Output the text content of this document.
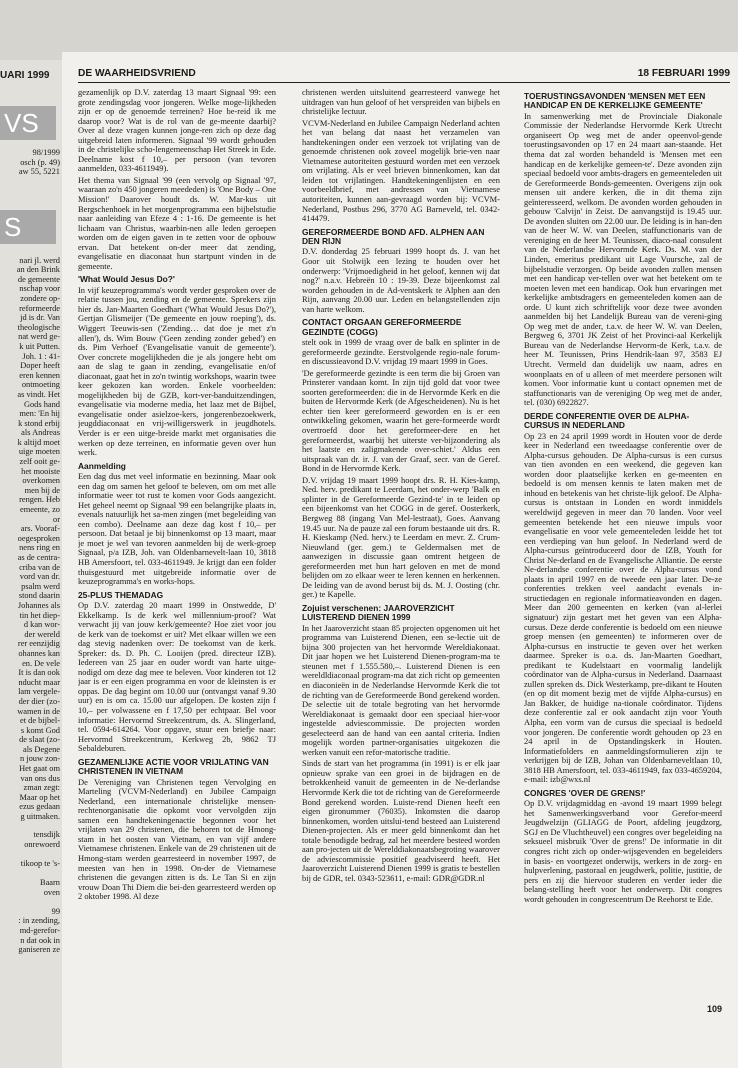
UARI 1999
VS
98/1999
osch (p. 49)
aw 55, 5221
S

nari jl. werd
an den Brink
de gemeente
nschap voor
zondere op-
reformeerde
jd is dr. Van
theologische
nat werd ge-
k uit Putten.
Joh. 1 : 41-
Doper heeft
eren kennen
ontmoeting
as vindt. Het
Gods hand
men: 'En hij
k stond erbij
als Andreas
k altijd moet
uige moeten
zelf ooit ge-
het mooiste
overkomen
men bij de
rengen. Heb
emeente, zo
or
ars. Vooraf-
oegesproken
nens ring en
as de centra-
criba van de
vord van dr.
psalm werd
stond daarin
Johannes als
tin het diep-
d kan wor-
der wereld
rer eenzijdig
ohannes kan
en. De vele
It is dan ook
nducht maar
lam vergele-
der dier (zo-
wamen in de
et de bijbel-
s komt God
de slaat (zo-
als Degene
n jouw zon-
Het gaat om
van ons dus
zman zegt:
Maar op het
ezus gedaan
g uitmaken.
tensdijk
onrewoerd

tikoop te 's-

Baarn
oven

99
: in zending,
md-gerefor-
n dat ook in
ganiseren ze
DE WAARHEIDSVRIEND	18 FEBRUARI 1999

gezamenlijk op D.V. zaterdag 13 maart Signaal '99: een grote zendingsdag voor jongeren. Welke moge-lijkheden zijn er op de genoemde terreinen? Hoe be-reid ik me daarop voor? Wat is de rol van de ge-meente daarbij? Over al deze vragen kunnen jonge-ren zich op deze dag uitgebreid laten informeren. Signaal '99 wordt gehouden in de christelijke scho-lengemeenschap Het Streek in Ede. Deelname kost f 10,– per persoon (van tevoren aanmelden, 033-4611949).

Het thema van Signaal '99 (een vervolg op Signaal '97, waaraan zo'n 450 jongeren meededen) is 'One Body – One Mission!' Daarover houdt ds. W. Mar-kus uit Bergschenhoek in het morgenprogramma een bijbelstudie naar aanleiding van Efeze 4 : 1-16. De gemeente is het lichaam van Christus, waarbin-nen alle leden geroepen worden om de eigen gaven in te zetten voor de opbouw ervan. Dat betekent on-der meer dat zending, evangelisatie en diaconaat hun startpunt vinden in de gemeente.

'What Would Jesus Do?'

In vijf keuzeprogramma's wordt verder gesproken over de relatie tussen jou, zending en de gemeente. Sprekers zijn hier ds. Jan-Maarten Goedhart ('What Would Jesus Do?'), Gertjan Glismeijer ('De gemeente en jouw roeping'), ds. Wiggert Teeuwis-sen ('Zending… dat doe je met z'n allen'), ds. Wim Bouw ('Geen zending zonder gebed') en ds. Pim Verhoef ('Evangelisatie vanuit de gemeente'). Over concrete mogelijkheden die je als jongere hebt om aan de slag te gaan in zending, evangelisatie en/of diaconaat, gaat het in zo'n twintig workshops, waarin twee keer gekozen kan worden. Enkele voorbeelden: mogelijkheden bij de GZB, kort-ver-banduitzendingen, evangelisatie via moderne media, het laaz met de Bijbel, evangelisatie onder asielzoe-kers, jongerenbezoekwerk, jeugddiaconaat en vrij-willigerswerk in jeugdhotels. Verder is er een uitge-breide markt met organisaties die werken op deze terreinen, en informatie geven over hun werk.

Aanmelding

Een dag dus met veel informatie en bezinning. Maar ook een dag om samen het geloof te beleven, om om met alle informatie weer tot rust te komen voor Gods aangezicht. Het geheel neemt op Signaal '99 een belangrijke plaats in, evenals natuurlijk het sa-men zingen (met begeleiding van een combo). Deelname aan deze dag kost f 10,– per persoon. Dat betaal je bij binnenkomst op 13 maart, maar je moet je wel van tevoren aanmelden bij de werk-groep Signaal, p/a IZB, Joh. van Oldenbarnevelt-laan 10, 3818 HB Amersfoort, tel. 033-4611949. Je krijgt dan een folder thuisgestuurd met uitgebreide informatie over de keuzeprogramma's en works-hops.

25-PLUS THEMADAG

Op D.V. zaterdag 20 maart 1999 in Onstwedde, D' Ekkelkamp. Is de kerk wel millennium-proof? Wat verwacht jij van jouw kerk/gemeente? Hoe ziet voor jou de kerk van de toekomst er uit? Met elkaar willen we een dag stevig nadenken over: De toekomst van de kerk. Spreker: ds. D. Ph. C. Looijen (pred. directeur IZB). Iedereen van 25 jaar en ouder wordt van harte uitge-nodigd om deze dag mee te beleven. Voor kinderen tot 12 jaar is er een eigen programma en voor de kleinsten is er oppas. De dag begint om 10.00 uur (ontvangst vanaf 9.30 uur) en is om ca. 15.00 uur afgelopen. De kosten zijn f 10,– per volwassene en f 17,50 per echtpaar. Bel voor informatie: Hervormd Streekcentrum, ds. A. Slingerland, tel. 0594-614264. Voor opgave, stuur een briefje naar: Hervormd Streekcentrum, Kerkweg 2b, 9862 TJ Sebaldeburen.

GEZAMENLIJKE ACTIE VOOR VRIJLATING VAN CHRISTENEN IN VIETNAM

De Vereniging van Christenen tegen Vervolging en Marteling (VCVM-Nederland) en Jubilee Campaign Nederland, een internationale christelijke mensen-rechtenorganisatie die opkomt voor vervolgden zijn samen een handtekeningenactie begonnen voor het vrijlaten van 29 christenen, die behoren tot de Hmong-stam in het oosten van Vietnam, en van vijf andere Vietnamese christenen. Enkele van de 29 christenen uit de Hmong-stam werden gearresteerd in november 1997, de meesten van hen in 1998. On-der de Vietnamese christenen die gevangen zitten is ds. Le Tan Si en zijn vrouw Doan Thi Diem die bei-den gearresteerd werden op 2 oktober 1998. Al deze

christenen werden uitsluitend gearresteerd vanwege het uitdragen van hun geloof of het verspreiden van bijbels en christelijke lectuur.

VCVM-Nederland en Jubilee Campaign Nederland achten het van belang dat naast het verzamelen van handtekeningen onder een verzoek tot vrijlating van de genoemde christenen ook zoveel mogelijk brie-ven naar Vietnamese autoriteiten gestuurd worden met een verzoek om vrijlating. Als er veel brieven binnenkomen, kan dat leiden tot vrijlatingen. Handtekeningenlijsten en een voorbeeldbrief, met andressen van Vietnamese autoriteiten, kunnen aan-gevraagd worden bij: VCVM-Nederland, Postbus 296, 3770 AG Barneveld, tel. 0342-414479.

GEREFORMEERDE BOND AFD. ALPHEN AAN DEN RIJN

D.V. donderdag 25 februari 1999 hoopt ds. J. van het Goor uit Stolwijk een lezing te houden over het onderwerp: 'Vrijmoedigheid in het geloof, kennen wij dat nog?' n.a.v. Hebreën 10 : 19-39. Deze bijeenkomst zal worden gehouden in de Ad-ventskerk te Alphen aan den Rijn, aanvang 20.00 uur. Leden en belangstellenden zijn van harte welkom.

CONTACT ORGAAN GEREFORMEERDE GEZINDTE (COGG)

stelt ook in 1999 de vraag over de balk en splinter in de gereformeerde gezindte. Eerstvolgende regio-nale forum- en discussieavond D.V. vrijdag 19 maart 1999 in Goes.

'De gereformeerde gezindte is een term die bij Groen van Prinsterer vandaan komt. In zijn tijd gold dat voor twee soorten gereformeerden: die in de Hervormde Kerk en die buiten de Hervormde Kerk (de Afgescheidenen). Nu is het echter tien keer gereformeerd geworden en is er een ontwikkeling gekomen, waarin het gere-formeerde wordt overtroefd door het gereformeer-dere en het gereformeerdst, waarbij het uiterste ver-bijzondering als het laatste en zaligmakende over-schiet.' Aldus een uitspraak van dr. ir. J. van der Graaf, secr. van de Geref. Bond in de Hervormde Kerk.

D.V. vrijdag 19 maart 1999 hoopt drs. R. H. Kies-kamp, Ned. herv. predikant te Leerdam, het onder-werp 'Balk en splinter in de Gereformeerde Gezind-te' in te leiden op een bijeenkomst van het COGG in de geref. Oosterkerk, Bergweg 88 (ingang Van Mel-lestraat), Goes. Aanvang 19.45 uur. Na de pauze zal een forum bestaande uit drs. R. H. Kieskamp (Ned. herv.) te Leerdam en mevr. Z. Crum-Nieuwland (ger. gem.) te Geldermalsen met de aanwezigen in discussie gaan omtrent hetgeen de gereformeerden met hun hart geloven en met de mond belijden om zo elkaar weer te leren kennen en herkennen. De leiding van de avond berust bij ds. M. J. Oosting (chr. ger.) te Kapelle.

Zojuist verschenen: JAAROVERZICHT LUISTEREND DIENEN 1999

In het Jaaroverzicht staan 85 projecten opgenomen uit het programma van Luisterend Dienen, een se-lectie uit de bijna 300 projecten van het hervormde Wereldiakonaat. Dit jaar hopen we het Luisterend Dienen-program-ma te steunen met f 1.555.580,–. Luisterend Dienen is een wereldldiaconaal program-ma dat zich richt op gemeenten en diaconieën in de Nederlandse Hervormde Kerk die tot de richting van de Gereformeerde Bond gerekend worden. De selectie uit de totale begroting van het hervormde Wereldiakonaat is gemaakt door een speciaal hier-voor ingestelde adviescommissie. De projecten worden geselecteerd aan de hand van een aantal criteria. Indien mogelijk worden partner-organisaties uitgekozen die werken vanuit een refor-matorische traditie.

Sinds de start van het programma (in 1991) is er elk jaar opnieuw sprake van een groei in de bijdragen en de betrokkenheid vanuit de gemeenten in de Ne-derlandse Hervormde Kerk die tot de richting van de Gereformeerde Bond gerekend worden. Luiste-rend Dienen heeft een eigen gironummer (76035). Inkomsten die daarop binnenkomen, worden uitslui-tend besteed aan Luisterend Dienen-projecten. Als er meer geld binnenkomt dan het totale benodigde bedrag, zal het meerdere besteed worden aan pro-jecten uit de Werelddiakonaatsbegroting waarover de adviescommissie positief geadviseerd heeft. Het Jaaroverzicht Luisterend Dienen 1999 is gratis te bestellen bij de GDR, tel. 0343-523611, e-mail: GDR@GDR.nl

TOERUSTINGSAVONDEN 'MENSEN MET EEN HANDICAP EN DE KERKELIJKE GEMEENTE'

In samenwerking met de Provinciale Diakonale Commissie der Nederlandse Hervormde Kerk Utrecht organiseert Op weg met de ander opeenvol-gende toerustingsavonden op 17 en 24 maart aan-staande. Het thema dat zal worden behandeld is 'Mensen met een handicap en de kerkelijke gemeen-te'. Deze avonden zijn speciaal bedoeld voor ambts-dragers en gemeenteleden uit de Gereformeerde Bonds-gemeenten. Overigens zijn ook mensen uit andere kerken, die in dit thema zijn geïnteresseerd, welkom. De avonden worden gehouden in gebouw 'Calvijn' in Zeist. De aanvangstijd is 19.45 uur. De avonden sluiten om 22.00 uur. De leiding is in han-den van de heer W. W. van Deelen, staffunctionaris van de vereniging en de heer M. Teunissen, diaco-naal consulent van de Nederlandse Hervormde Kerk. Ds. M. van der Linden, emeritus predikant uit Lage Vuursche, zal de bijbelstudie verzorgen. Op beide avonden zullen mensen met een handicap ver-tellen over wat het betekent om te moeten leven met een handicap. Ook hun ervaringen met kerkelijke ambtsdragers en gemeenteleden komen aan de orde. U kunt zich schriftelijk voor deze twee avonden aanmelden bij het Landelijk Bureau van de vereni-ging Op weg met de ander, t.a.v. de heer W. W. van Deelen, Bergweg 6, 3701 JK Zeist of het Provinci-aal Kerkelijk Bureau van de Nederlandse Hervorm-de Kerk, t.a.v. de heer M. Teunissen, Prins Hendrik-laan 97, 3583 EJ Utrecht. Vermeld dan duidelijk uw naam, adres en woonplaats en of u alleen of met meerdere personen wilt komen. Voor informatie kunt u contact opnemen met de staffunctionaris van de vereniging Op weg met de ander, tel. (030) 6922827.

DERDE CONFERENTIE OVER DE ALPHA-CURSUS IN NEDERLAND

Op 23 en 24 april 1999 wordt in Houten voor de derde keer in Nederland een tweedaagse conferentie over de Alpha-cursus gehouden. De Alpha-cursus is een cursus van tien avonden en een weekend, die gegeven kan worden door plaatselijke kerken en ge-meenten en bedoeld is om mensen kennis te laten maken met de inhoud en betekenis van het christe-lijk geloof. De Alpha-cursus is ontstaan in Londen en wordt inmiddels wereldwijd gegeven in meer dan 70 landen. Voor veel gemeenten betekende het een nieuwe impuls voor evangelisatie en voor vele gemeenteleden leidde het tot een verdieping van hun geloof. In Nederland werd de Alpha-cursus geïntroduceerd door de IZB, Youth for Christ Ne-derland en de Evangelische Alliantie. De eerste Ne-derlandse conferentie over de Alpha-cursus vond plaats in april 1997 en de tweede een jaar later. De-ze conferenties trekken veel aandacht evenals in-structiedagen en regionale informatieavonden en dagen. Meer dan 200 gemeenten en kerken (van al-lerlei signatuur) zijn gestart met het geven van een Alpha-cursus. Deze derde conferentie is bedoeld om een nieuwe groep mensen (en gemeenten) te informeren over de Alpha-cursus en instructie te geven over het werken daarmee. Spreker is o.a. ds. Jan-Maarten Goedhart, predikant te Kudelstaart en voormalig landelijk coördinator van de Alpha-cursus in Nederland. Daarnaast zullen spreken ds. Dick Westerkamp, pre-dikant te Houten (en op dit moment bezig met de vijfde Alpha-cursus) en Jan Bakker, de huidige na-tionale coördinator. Tijdens deze conferentie zal er ook aandacht zijn voor Youth Alpha, een vorm van de cursus die speciaal is bedoeld voor jongeren. De conferentie wordt gehouden op 23 en 24 april in de Opstandingskerk in Houten. Informatiefolders en aanmeldingsformulieren zijn te verkrijgen bij de IZB, Johan van Oldenbarneveltlaan 10, 3818 HB Amersfoort, tel. 033-4611949, fax 033-4659204, e-mail: izb@wxs.nl

CONGRES 'OVER DE GRENS!'

Op D.V. vrijdagmiddag en -avond 19 maart 1999 belegt het Samenwerkingsverband voor Gerefor-meerd Jeugdwelzijn (GLIAGG de Poort, afdeling jeugdzorg, SGJ en De Vluchtheuvel) een congres over begeleiding na seksueel misbruik 'Over de grens!' De informatie in dit congres richt zich op onder-wijsgevenden en begeleiders in basis- en voortgezet onderwijs, werkers in de zorg- en hulpverlening, pastoraal en jeugdwerk, politie, justitie, de pers en zij die hiervoor studeren en verder ieder die belang-stelling heeft voor het onderwerp. Dit congres wordt gehouden in congrescentrum De Reehorst te Ede.

109
